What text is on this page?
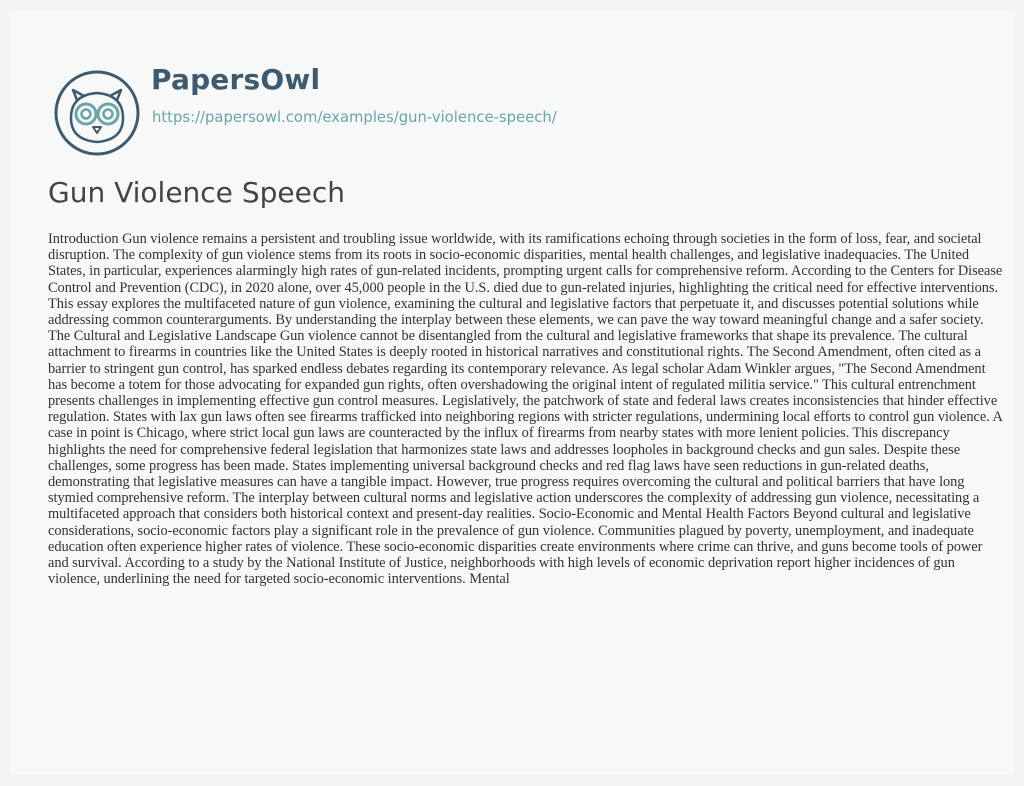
PapersOwl
https://papersowl.com/examples/gun-violence-speech/
Gun Violence Speech

Introduction Gun violence remains a persistent and troubling issue worldwide, with its ramifications echoing through societies in the form of loss, fear, and societal disruption. The complexity of gun violence stems from its roots in socio-economic disparities, mental health challenges, and legislative inadequacies. The United States, in particular, experiences alarmingly high rates of gun-related incidents, prompting urgent calls for comprehensive reform. According to the Centers for Disease Control and Prevention (CDC), in 2020 alone, over 45,000 people in the U.S. died due to gun-related injuries, highlighting the critical need for effective interventions. This essay explores the multifaceted nature of gun violence, examining the cultural and legislative factors that perpetuate it, and discusses potential solutions while addressing common counterarguments. By understanding the interplay between these elements, we can pave the way toward meaningful change and a safer society. The Cultural and Legislative Landscape Gun violence cannot be disentangled from the cultural and legislative frameworks that shape its prevalence. The cultural attachment to firearms in countries like the United States is deeply rooted in historical narratives and constitutional rights. The Second Amendment, often cited as a barrier to stringent gun control, has sparked endless debates regarding its contemporary relevance. As legal scholar Adam Winkler argues, "The Second Amendment has become a totem for those advocating for expanded gun rights, often overshadowing the original intent of regulated militia service." This cultural entrenchment presents challenges in implementing effective gun control measures. Legislatively, the patchwork of state and federal laws creates inconsistencies that hinder effective regulation. States with lax gun laws often see firearms trafficked into neighboring regions with stricter regulations, undermining local efforts to control gun violence. A case in point is Chicago, where strict local gun laws are counteracted by the influx of firearms from nearby states with more lenient policies. This discrepancy highlights the need for comprehensive federal legislation that harmonizes state laws and addresses loopholes in background checks and gun sales. Despite these challenges, some progress has been made. States implementing universal background checks and red flag laws have seen reductions in gun-related deaths, demonstrating that legislative measures can have a tangible impact. However, true progress requires overcoming the cultural and political barriers that have long stymied comprehensive reform. The interplay between cultural norms and legislative action underscores the complexity of addressing gun violence, necessitating a multifaceted approach that considers both historical context and present-day realities. Socio-Economic and Mental Health Factors Beyond cultural and legislative considerations, socio-economic factors play a significant role in the prevalence of gun violence. Communities plagued by poverty, unemployment, and inadequate education often experience higher rates of violence. These socio-economic disparities create environments where crime can thrive, and guns become tools of power and survival. According to a study by the National Institute of Justice, neighborhoods with high levels of economic deprivation report higher incidences of gun violence, underlining the need for targeted socio-economic interventions. Mental
